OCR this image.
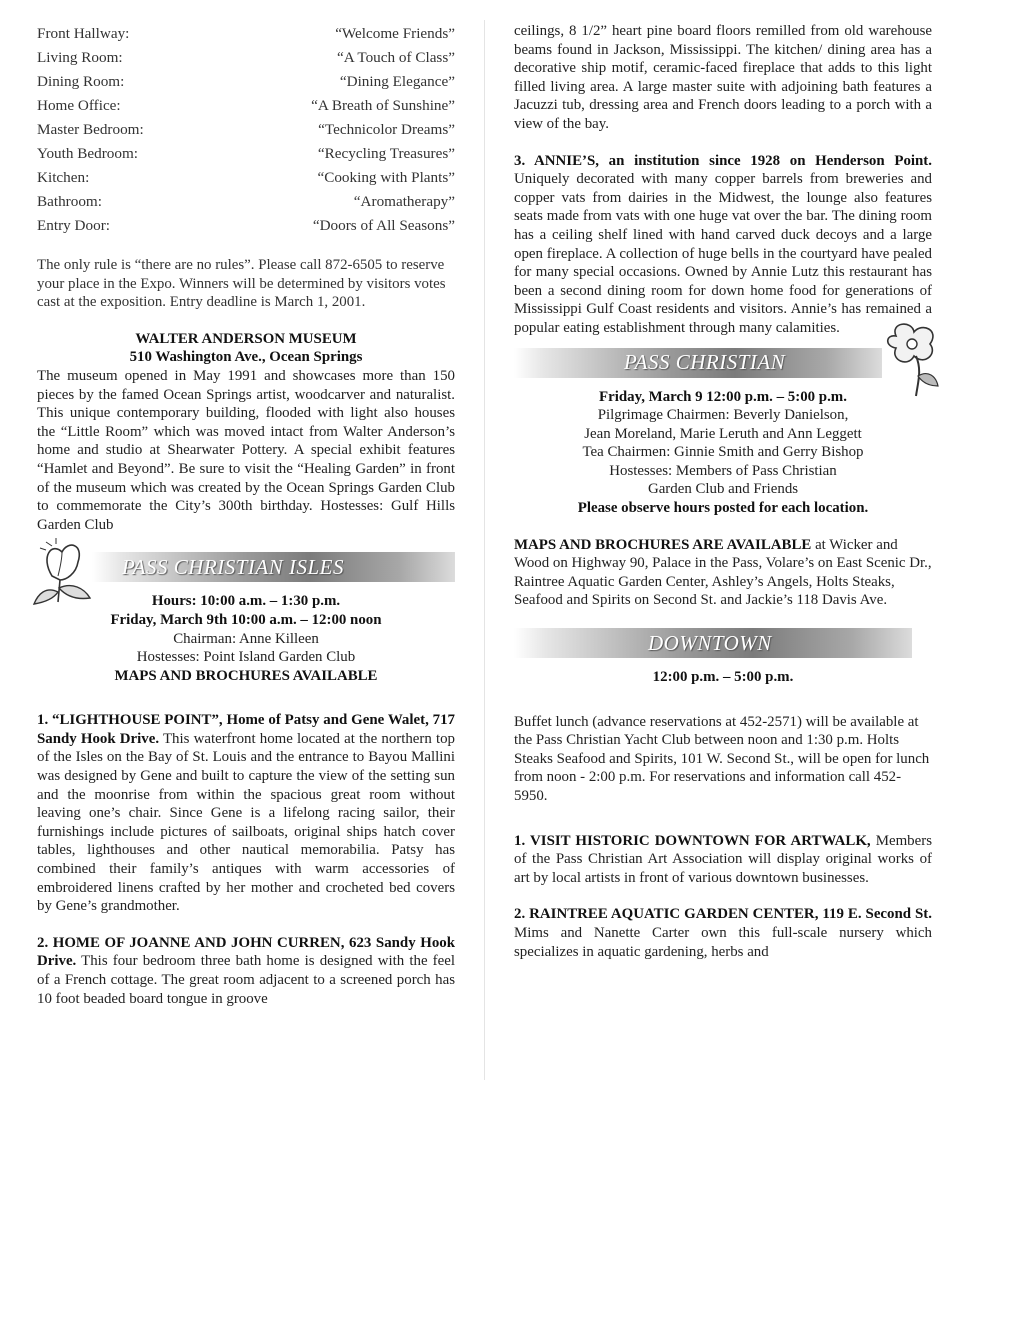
Front Hallway:	“Welcome Friends”
Living Room:	“A Touch of Class”
Dining Room:	“Dining Elegance”
Home Office:	“A Breath of Sunshine”
Master Bedroom:	“Technicolor Dreams”
Youth Bedroom:	“Recycling Treasures”
Kitchen:	“Cooking with Plants”
Bathroom:	“Aromatherapy”
Entry Door:	“Doors of All Seasons”

The only rule is “there are no rules”. Please call 872-6505 to reserve your place in the Expo. Winners will be determined by visitors votes cast at the exposition. Entry deadline is March 1, 2001.

WALTER ANDERSON MUSEUM

510 Washington Ave., Ocean Springs

The museum opened in May 1991 and showcases more than 150 pieces by the famed Ocean Springs artist, woodcarver and naturalist. This unique contemporary building, flooded with light also houses the “Little Room” which was moved intact from Walter Anderson’s home and studio at Shearwater Pottery. A special exhibit features “Hamlet and Beyond”. Be sure to visit the “Healing Garden” in front of the museum which was created by the Ocean Springs Garden Club to commemorate the City’s 300th birthday. Hostesses: Gulf Hills Garden Club

PASS CHRISTIAN ISLES

Hours: 10:00 a.m. – 1:30 p.m.

Friday, March 9th 10:00 a.m. – 12:00 noon

Chairman: Anne Killeen

Hostesses: Point Island Garden Club

MAPS AND BROCHURES AVAILABLE

1. “LIGHTHOUSE POINT”, Home of Patsy and Gene Walet, 717 Sandy Hook Drive. This waterfront home located at the northern top of the Isles on the Bay of St. Louis and the entrance to Bayou Mallini was designed by Gene and built to capture the view of the setting sun and the moonrise from within the spacious great room without leaving one’s chair. Since Gene is a lifelong racing sailor, their furnishings include pictures of sailboats, original ships hatch cover tables, lighthouses and other nautical memorabilia. Patsy has combined their family’s antiques with warm accessories of embroidered linens crafted by her mother and crocheted bed covers by Gene’s grandmother.

2. HOME OF JOANNE AND JOHN CURREN, 623 Sandy Hook Drive. This four bedroom three bath home is designed with the feel of a French cottage. The great room adjacent to a screened porch has 10 foot beaded board tongue in groove

ceilings, 8 1/2” heart pine board floors remilled from old warehouse beams found in Jackson, Mississippi. The kitchen/ dining area has a decorative ship motif, ceramic-faced fireplace that adds to this light filled living area. A large master suite with adjoining bath features a Jacuzzi tub, dressing area and French doors leading to a porch with a view of the bay.

3. ANNIE’S, an institution since 1928 on Henderson Point. Uniquely decorated with many copper barrels from breweries and copper vats from dairies in the Midwest, the lounge also features seats made from vats with one huge vat over the bar. The dining room has a ceiling shelf lined with hand carved duck decoys and a large open fireplace. A collection of huge bells in the courtyard have pealed for many special occasions. Owned by Annie Lutz this restaurant has been a second dining room for down home food for generations of Mississippi Gulf Coast residents and visitors. Annie’s has remained a popular eating establishment through many calamities.

PASS CHRISTIAN

Friday, March 9 12:00 p.m. – 5:00 p.m.

Pilgrimage Chairmen: Beverly Danielson,

Jean Moreland, Marie Leruth and Ann Leggett

Tea Chairmen: Ginnie Smith and Gerry Bishop

Hostesses: Members of Pass Christian

Garden Club and Friends

Please observe hours posted for each location.

MAPS AND BROCHURES ARE AVAILABLE at Wicker and Wood on Highway 90, Palace in the Pass, Volare’s on East Scenic Dr., Raintree Aquatic Garden Center, Ashley’s Angels, Holts Steaks, Seafood and Spirits on Second St. and Jackie’s 118 Davis Ave.

DOWNTOWN

12:00 p.m. – 5:00 p.m.

Buffet lunch (advance reservations at 452-2571) will be available at the Pass Christian Yacht Club between noon and 1:30 p.m. Holts Steaks Seafood and Spirits, 101 W. Second St., will be open for lunch from noon - 2:00 p.m. For reservations and information call 452-5950.

1. VISIT HISTORIC DOWNTOWN FOR ARTWALK, Members of the Pass Christian Art Association will display original works of art by local artists in front of various downtown businesses.

2. RAINTREE AQUATIC GARDEN CENTER, 119 E. Second St. Mims and Nanette Carter own this full-scale nursery which specializes in aquatic gardening, herbs and
